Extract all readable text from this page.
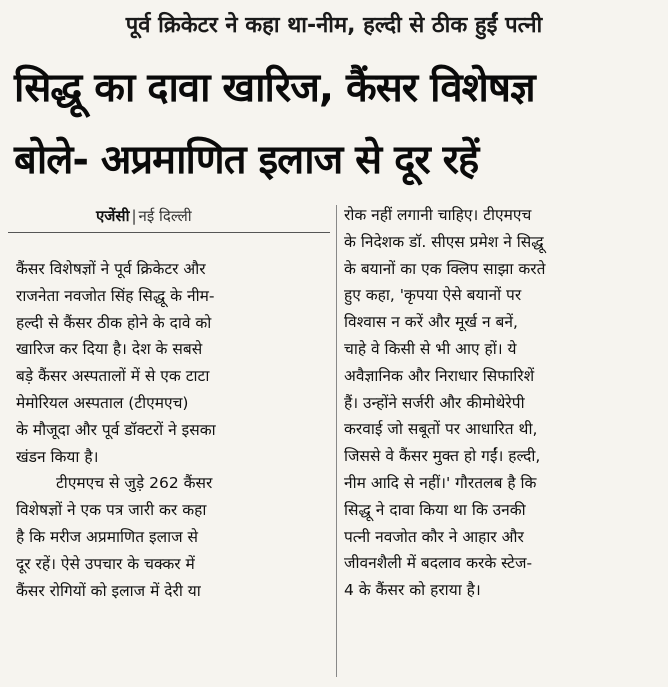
पूर्व क्रिकेटर ने कहा था-नीम, हल्दी से ठीक हुईं पत्नी
सिद्धू का दावा खारिज, कैंसर विशेषज्ञ
बोले- अप्रमाणित इलाज से दूर रहें
एजेंसी | नई दिल्ली
कैंसर विशेषज्ञों ने पूर्व क्रिकेटर और
राजनेता नवजोत सिंह सिद्धू के नीम-
हल्दी से कैंसर ठीक होने के दावे को
खारिज कर दिया है। देश के सबसे
बड़े कैंसर अस्पतालों में से एक टाटा
मेमोरियल अस्पताल (टीएमएच)
के मौजूदा और पूर्व डॉक्टरों ने इसका
खंडन किया है।
टीएमएच से जुड़े 262 कैंसर
विशेषज्ञों ने एक पत्र जारी कर कहा
है कि मरीज अप्रमाणित इलाज से
दूर रहें। ऐसे उपचार के चक्कर में
कैंसर रोगियों को इलाज में देरी या
रोक नहीं लगानी चाहिए। टीएमएच
के निदेशक डॉ. सीएस प्रमेश ने सिद्धू
के बयानों का एक क्लिप साझा करते
हुए कहा, 'कृपया ऐसे बयानों पर
विश्वास न करें और मूर्ख न बनें,
चाहे वे किसी से भी आए हों। ये
अवैज्ञानिक और निराधार सिफारिशें
हैं। उन्होंने सर्जरी और कीमोथेरेपी
करवाई जो सबूतों पर आधारित थी,
जिससे वे कैंसर मुक्त हो गईं। हल्दी,
नीम आदि से नहीं।' गौरतलब है कि
सिद्धू ने दावा किया था कि उनकी
पत्नी नवजोत कौर ने आहार और
जीवनशैली में बदलाव करके स्टेज-
4 के कैंसर को हराया है।
